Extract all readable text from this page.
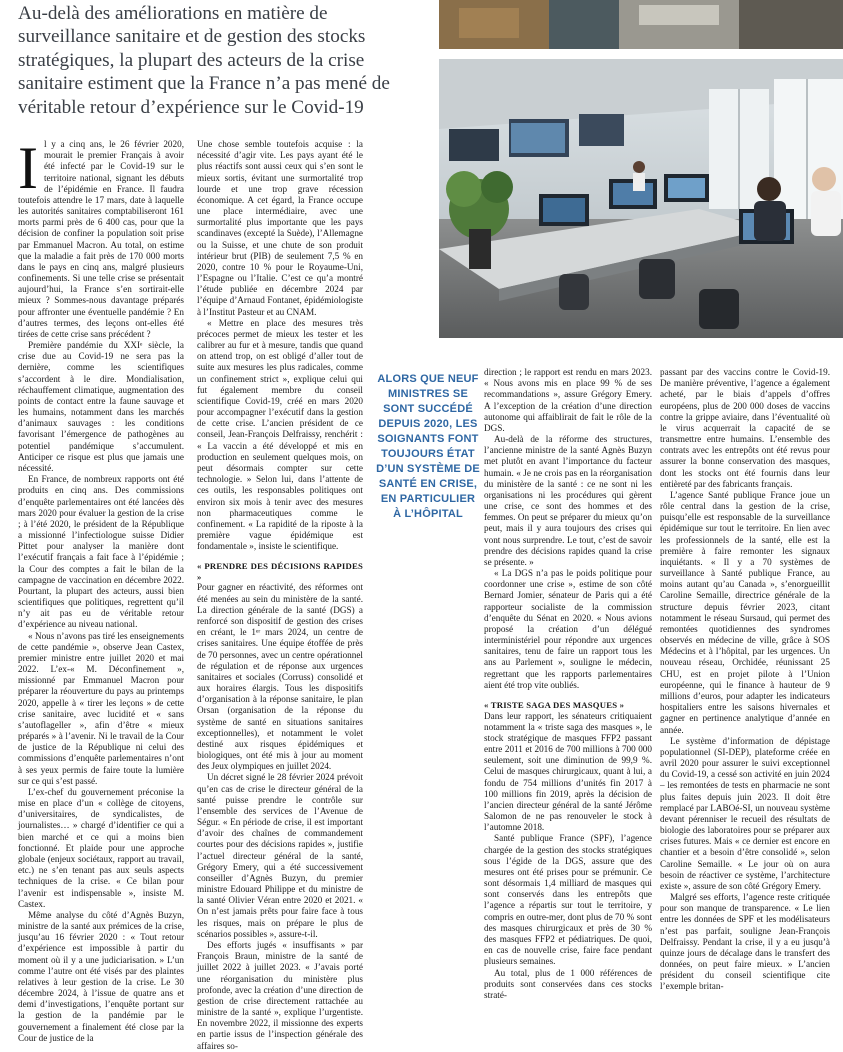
Au-delà des améliorations en matière de surveillance sanitaire et de gestion des stocks stratégiques, la plupart des acteurs de la crise sanitaire estiment que la France n’a pas mené de véritable retour d’expérience sur le Covid-19

Il y a cinq ans, le 26 février 2020, mourait le premier Français à avoir été infecté par le Covid-19 sur le territoire national, signant les débuts de l’épidémie en France. Il faudra toutefois attendre le 17 mars, date à laquelle les autorités sanitaires comptabiliseront 161 morts parmi près de 6 400 cas, pour que la décision de confiner la population soit prise par Emmanuel Macron. Au total, on estime que la maladie a fait près de 170 000 morts dans le pays en cinq ans, malgré plusieurs confinements. Si une telle crise se présentait aujourd’hui, la France s’en sortirait-elle mieux ? Sommes-nous davantage préparés pour affronter une éventuelle pandémie ? En d’autres termes, des leçons ont-elles été tirées de cette crise sans précédent ?

Première pandémie du XXIᵉ siècle, la crise due au Covid-19 ne sera pas la dernière, comme les scientifiques s’accordent à le dire. Mondialisation, réchauffement climatique, augmentation des points de contact entre la faune sauvage et les humains, notamment dans les marchés d’animaux sauvages : les conditions favorisant l’émergence de pathogènes au potentiel pandémique s’accumulent. Anticiper ce risque est plus que jamais une nécessité.

En France, de nombreux rapports ont été produits en cinq ans. Des commissions d’enquête parlementaires ont été lancées dès mars 2020 pour évaluer la gestion de la crise ; à l’été 2020, le président de la République a missionné l’infectiologue suisse Didier Pittet pour analyser la manière dont l’exécutif français a fait face à l’épidémie ; la Cour des comptes a fait le bilan de la campagne de vaccination en décembre 2022. Pourtant, la plupart des acteurs, aussi bien scientifiques que politiques, regrettent qu’il n’y ait pas eu de véritable retour d’expérience au niveau national.

« Nous n’avons pas tiré les enseignements de cette pandémie », observe Jean Castex, premier ministre entre juillet 2020 et mai 2022. L’ex-« M. Déconfinement », missionné par Emmanuel Macron pour préparer la réouverture du pays au printemps 2020, appelle à « tirer les leçons » de cette crise sanitaire, avec lucidité et « sans s’autoflageller », afin d’être « mieux préparés » à l’avenir. Ni le travail de la Cour de justice de la République ni celui des commissions d’enquête parlementaires n’ont à ses yeux permis de faire toute la lumière sur ce qui s’est passé.

L’ex-chef du gouvernement préconise la mise en place d’un « collège de citoyens, d’universitaires, de syndicalistes, de journalistes… » chargé d’identifier ce qui a bien marché et ce qui a moins bien fonctionné. Et plaide pour une approche globale (enjeux sociétaux, rapport au travail, etc.) ne s’en tenant pas aux seuls aspects techniques de la crise. « Ce bilan pour l’avenir est indispensable », insiste M. Castex.

Même analyse du côté d’Agnès Buzyn, ministre de la santé aux prémices de la crise, jusqu’au 16 février 2020 : « Tout retour d’expérience est impossible à partir du moment où il y a une judiciarisation. » L’un comme l’autre ont été visés par des plaintes relatives à leur gestion de la crise. Le 30 décembre 2024, à l’issue de quatre ans et demi d’investigations, l’enquête portant sur la gestion de la pandémie par le gouvernement a finalement été close par la Cour de justice de la

Une chose semble toutefois acquise : la nécessité d’agir vite. Les pays ayant été le plus réactifs sont aussi ceux qui s’en sont le mieux sortis, évitant une surmortalité trop lourde et une trop grave récession économique. A cet égard, la France occupe une place intermédiaire, avec une surmortalité plus importante que les pays scandinaves (excepté la Suède), l’Allemagne ou la Suisse, et une chute de son produit intérieur brut (PIB) de seulement 7,5 % en 2020, contre 10 % pour le Royaume-Uni, l’Espagne ou l’Italie. C’est ce qu’a montré l’étude publiée en décembre 2024 par l’équipe d’Arnaud Fontanet, épidémiologiste à l’Institut Pasteur et au CNAM.

« Mettre en place des mesures très précoces permet de mieux les tester et les calibrer au fur et à mesure, tandis que quand on attend trop, on est obligé d’aller tout de suite aux mesures les plus radicales, comme un confinement strict », explique celui qui fut également membre du conseil scientifique Covid-19, créé en mars 2020 pour accompagner l’exécutif dans la gestion de cette crise. L’ancien président de ce conseil, Jean-François Delfraissy, renchérit : « La vaccin a été développé et mis en production en seulement quelques mois, on peut désormais compter sur cette technologie. » Selon lui, dans l’attente de ces outils, les responsables politiques ont environ six mois à tenir avec des mesures non pharmaceutiques comme le confinement. « La rapidité de la riposte à la première vague épidémique est fondamentale », insiste le scientifique.

« PRENDRE DES DÉCISIONS RAPIDES »

Pour gagner en réactivité, des réformes ont été menées au sein du ministère de la santé. La direction générale de la santé (DGS) a renforcé son dispositif de gestion des crises en créant, le 1ᵉʳ mars 2024, un centre de crises sanitaires. Une équipe étoffée de près de 70 personnes, avec un centre opérationnel de régulation et de réponse aux urgences sanitaires et sociales (Corruss) consolidé et aux horaires élargis. Tous les dispositifs d’organisation à la réponse sanitaire, le plan Orsan (organisation de la réponse du système de santé en situations sanitaires exceptionnelles), et notamment le volet destiné aux risques épidémiques et biologiques, ont été mis à jour au moment des Jeux olympiques en juillet 2024.

Un décret signé le 28 février 2024 prévoit qu’en cas de crise le directeur général de la santé puisse prendre le contrôle sur l’ensemble des services de l’Avenue de Ségur. « En période de crise, il est important d’avoir des chaînes de commandement courtes pour des décisions rapides », justifie l’actuel directeur général de la santé, Grégory Emery, qui a été successivement conseiller d’Agnès Buzyn, du premier ministre Edouard Philippe et du ministre de la santé Olivier Véran entre 2020 et 2021. « On n’est jamais prêts pour faire face à tous les risques, mais on prépare le plus de scénarios possibles », assure-t-il.

Des efforts jugés « insuffisants » par François Braun, ministre de la santé de juillet 2022 à juillet 2023. « J’avais porté une réorganisation du ministère plus profonde, avec la création d’une direction de gestion de crise directement rattachée au ministre de la santé », explique l’urgentiste. En novembre 2022, il missionne des experts en partie issus de l’inspection générale des affaires so-

ALORS QUE NEUF MINISTRES SE SONT SUCCÉDÉ DEPUIS 2020, LES SOIGNANTS FONT TOUJOURS ÉTAT D’UN SYSTÈME DE SANTÉ EN CRISE, EN PARTICULIER À L’HÔPITAL

direction ; le rapport est rendu en mars 2023. « Nous avons mis en place 99 % de ses recommandations », assure Grégory Emery. A l’exception de la création d’une direction autonome qui affaiblirait de fait le rôle de la DGS.

Au-delà de la réforme des structures, l’ancienne ministre de la santé Agnès Buzyn met plutôt en avant l’importance du facteur humain. « Je ne crois pas en la réorganisation du ministère de la santé : ce ne sont ni les organisations ni les procédures qui gèrent une crise, ce sont des hommes et des femmes. On peut se préparer du mieux qu’on peut, mais il y aura toujours des crises qui vont nous surprendre. Le tout, c’est de savoir prendre des décisions rapides quand la crise se présente. »

« La DGS n’a pas le poids politique pour coordonner une crise », estime de son côté Bernard Jomier, sénateur de Paris qui a été rapporteur socialiste de la commission d’enquête du Sénat en 2020. « Nous avions proposé la création d’un délégué interministériel pour répondre aux urgences sanitaires, tenu de faire un rapport tous les ans au Parlement », souligne le médecin, regrettant que les rapports parlementaires aient été trop vite oubliés.

« TRISTE SAGA DES MASQUES »

Dans leur rapport, les sénateurs critiquaient notamment la « triste saga des masques », le stock stratégique de masques FFP2 passant entre 2011 et 2016 de 700 millions à 700 000 seulement, soit une diminution de 99,9 %. Celui de masques chirurgicaux, quant à lui, a fondu de 754 millions d’unités fin 2017 à 100 millions fin 2019, après la décision de l’ancien directeur général de la santé Jérôme Salomon de ne pas renouveler le stock à l’automne 2018.

Santé publique France (SPF), l’agence chargée de la gestion des stocks stratégiques sous l’égide de la DGS, assure que des mesures ont été prises pour se prémunir. Ce sont désormais 1,4 milliard de masques qui sont conservés dans les entrepôts que l’agence a répartis sur tout le territoire, y compris en outre-mer, dont plus de 70 % sont des masques chirurgicaux et près de 30 % des masques FFP2 et pédiatriques. De quoi, en cas de nouvelle crise, faire face pendant plusieurs semaines.

Au total, plus de 1 000 références de produits sont conservées dans ces stocks straté-

passant par des vaccins contre le Covid-19. De manière préventive, l’agence a également acheté, par le biais d’appels d’offres européens, plus de 200 000 doses de vaccins contre la grippe aviaire, dans l’éventualité où le virus acquerrait la capacité de se transmettre entre humains. L’ensemble des contrats avec les entrepôts ont été revus pour assurer la bonne conservation des masques, dont les stocks ont été fournis dans leur entièreté par des fabricants français.

L’agence Santé publique France joue un rôle central dans la gestion de la crise, puisqu’elle est responsable de la surveillance épidémique sur tout le territoire. En lien avec les professionnels de la santé, elle est la première à faire remonter les signaux inquiétants. « Il y a 70 systèmes de surveillance à Santé publique France, au moins autant qu’au Canada », s’enorgueillit Caroline Semaille, directrice générale de la structure depuis février 2023, citant notamment le réseau Sursaud, qui permet des remontées quotidiennes des syndromes observés en médecine de ville, grâce à SOS Médecins et à l’hôpital, par les urgences. Un nouveau réseau, Orchidée, réunissant 25 CHU, est en projet pilote à l’Union européenne, qui le finance à hauteur de 9 millions d’euros, pour adapter les indicateurs hospitaliers entre les saisons hivernales et gagner en pertinence analytique d’année en année.

Le système d’information de dépistage populationnel (SI-DEP), plateforme créée en avril 2020 pour assurer le suivi exceptionnel du Covid-19, a cessé son activité en juin 2024 – les remontées de tests en pharmacie ne sont plus faites depuis juin 2023. Il doit être remplacé par LABOé-SI, un nouveau système devant pérenniser le recueil des résultats de biologie des laboratoires pour se préparer aux crises futures. Mais « ce dernier est encore en chantier et a besoin d’être consolidé », selon Caroline Semaille. « Le jour où on aura besoin de réactiver ce système, l’architecture existe », assure de son côté Grégory Emery.

Malgré ses efforts, l’agence reste critiquée pour son manque de transparence. « Le lien entre les données de SPF et les modélisateurs n’est pas parfait, souligne Jean-François Delfraissy. Pendant la crise, il y a eu jusqu’à quinze jours de décalage dans le transfert des données, on peut faire mieux. » L’ancien président du conseil scientifique cite l’exemple britan-
